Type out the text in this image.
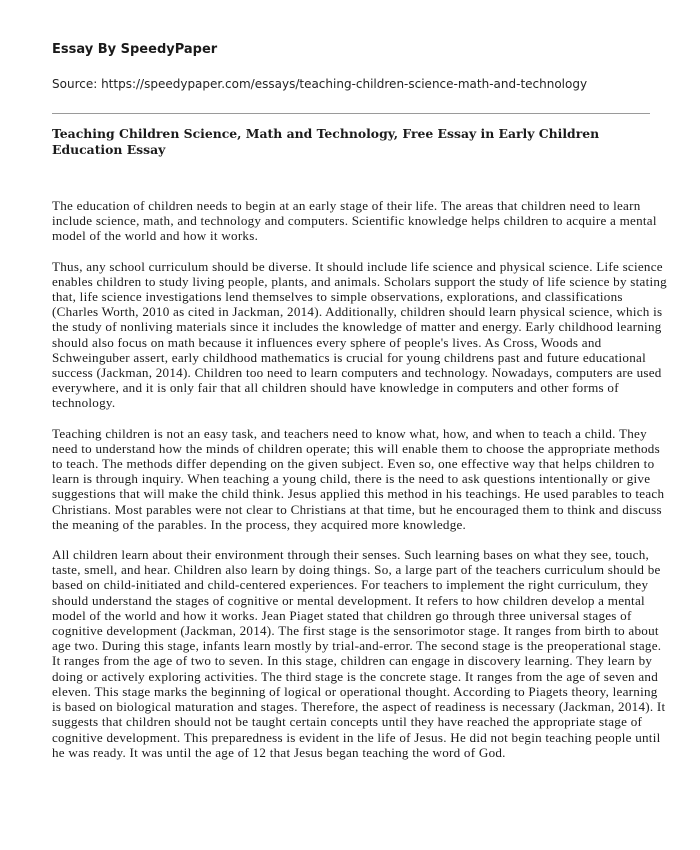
Essay By SpeedyPaper

Source: https://speedypaper.com/essays/teaching-children-science-math-and-technology

Teaching Children Science, Math and Technology, Free Essay in Early Children Education Essay

The education of children needs to begin at an early stage of their life. The areas that children need to learn include science, math, and technology and computers. Scientific knowledge helps children to acquire a mental model of the world and how it works.

Thus, any school curriculum should be diverse. It should include life science and physical science. Life science enables children to study living people, plants, and animals. Scholars support the study of life science by stating that, life science investigations lend themselves to simple observations, explorations, and classifications (Charles Worth, 2010 as cited in Jackman, 2014). Additionally, children should learn physical science, which is the study of nonliving materials since it includes the knowledge of matter and energy. Early childhood learning should also focus on math because it influences every sphere of people's lives. As Cross, Woods and Schweinguber assert, early childhood mathematics is crucial for young childrens past and future educational success (Jackman, 2014). Children too need to learn computers and technology. Nowadays, computers are used everywhere, and it is only fair that all children should have knowledge in computers and other forms of technology.

Teaching children is not an easy task, and teachers need to know what, how, and when to teach a child. They need to understand how the minds of children operate; this will enable them to choose the appropriate methods to teach. The methods differ depending on the given subject. Even so, one effective way that helps children to learn is through inquiry. When teaching a young child, there is the need to ask questions intentionally or give suggestions that will make the child think. Jesus applied this method in his teachings. He used parables to teach Christians. Most parables were not clear to Christians at that time, but he encouraged them to think and discuss the meaning of the parables. In the process, they acquired more knowledge.

All children learn about their environment through their senses. Such learning bases on what they see, touch, taste, smell, and hear. Children also learn by doing things. So, a large part of the teachers curriculum should be based on child-initiated and child-centered experiences. For teachers to implement the right curriculum, they should understand the stages of cognitive or mental development. It refers to how children develop a mental model of the world and how it works. Jean Piaget stated that children go through three universal stages of cognitive development (Jackman, 2014). The first stage is the sensorimotor stage. It ranges from birth to about age two. During this stage, infants learn mostly by trial-and-error. The second stage is the preoperational stage. It ranges from the age of two to seven. In this stage, children can engage in discovery learning. They learn by doing or actively exploring activities. The third stage is the concrete stage. It ranges from the age of seven and eleven. This stage marks the beginning of logical or operational thought. According to Piagets theory, learning is based on biological maturation and stages. Therefore, the aspect of readiness is necessary (Jackman, 2014). It suggests that children should not be taught certain concepts until they have reached the appropriate stage of cognitive development. This preparedness is evident in the life of Jesus. He did not begin teaching people until he was ready. It was until the age of 12 that Jesus began teaching the word of God.
